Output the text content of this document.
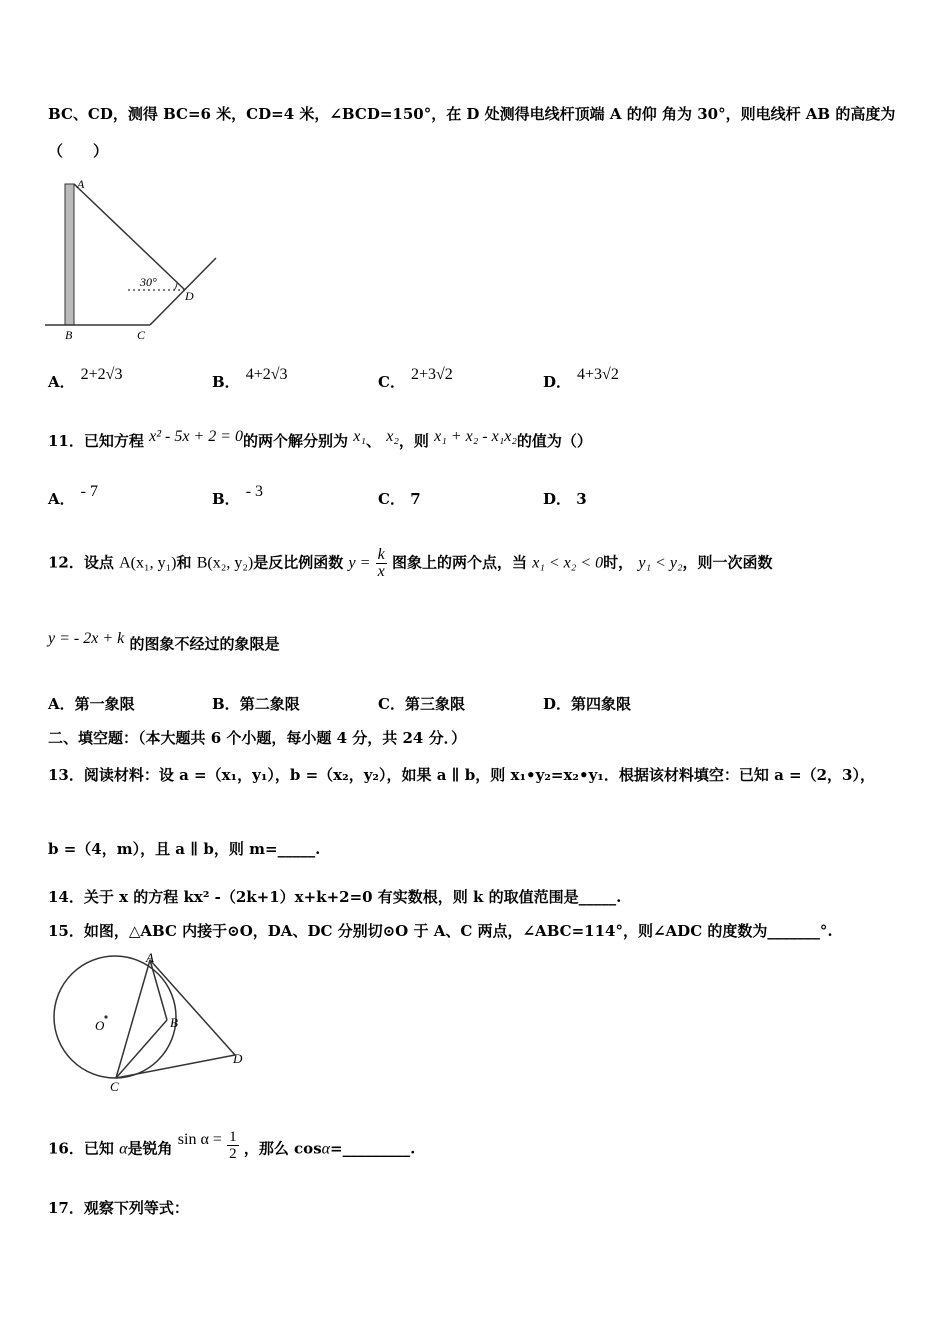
BC、CD，测得 BC=6 米，CD=4 米，∠BCD=150°，在 D 处测得电线杆顶端 A 的仰 角为 30°，则电线杆 AB 的高度为
（　　）
A
B	C
D
30°
A． 2+2√3	B． 4+2√3	C． 2+3√2	D． 4+3√2
11．已知方程 x² - 5x + 2 = 0的两个解分别为 x₁、 x₂，则 x₁ + x₂ - x₁x₂的值为（）
A． - 7	B． - 3	C． 7	D． 3
12．设点 A(x₁, y₁)和 B(x₂, y₂)是反比例函数 $y = \frac{k}{x}$ 图象上的两个点，当 x₁ < x₂ < 0时， y₁ < y₂，则一次函数
y = - 2x + k 的图象不经过的象限是
A．第一象限	B．第二象限	C．第三象限	D．第四象限
二、填空题：（本大题共 6 个小题，每小题 4 分，共 24 分．）
13．阅读材料：设 a =（x₁，y₁），b =（x₂，y₂），如果 a ∥ b，则 x₁•y₂=x₂•y₁．根据该材料填空：已知 a =（2，3），
b =（4，m），且 a ∥ b，则 m=_____.
14．关于 x 的方程 kx² -（2k+1）x+k+2=0 有实数根，则 k 的取值范围是_____.
15．如图，△ABC 内接于⊙O，DA、DC 分别切⊙O 于 A、C 两点，∠ABC=114°，则∠ADC 的度数为_______°.
A
B
C
D
O
16．已知 α是锐角 $\sin \alpha = \frac{1}{2}$ ，那么 cosα=_________.
17．观察下列等式：
